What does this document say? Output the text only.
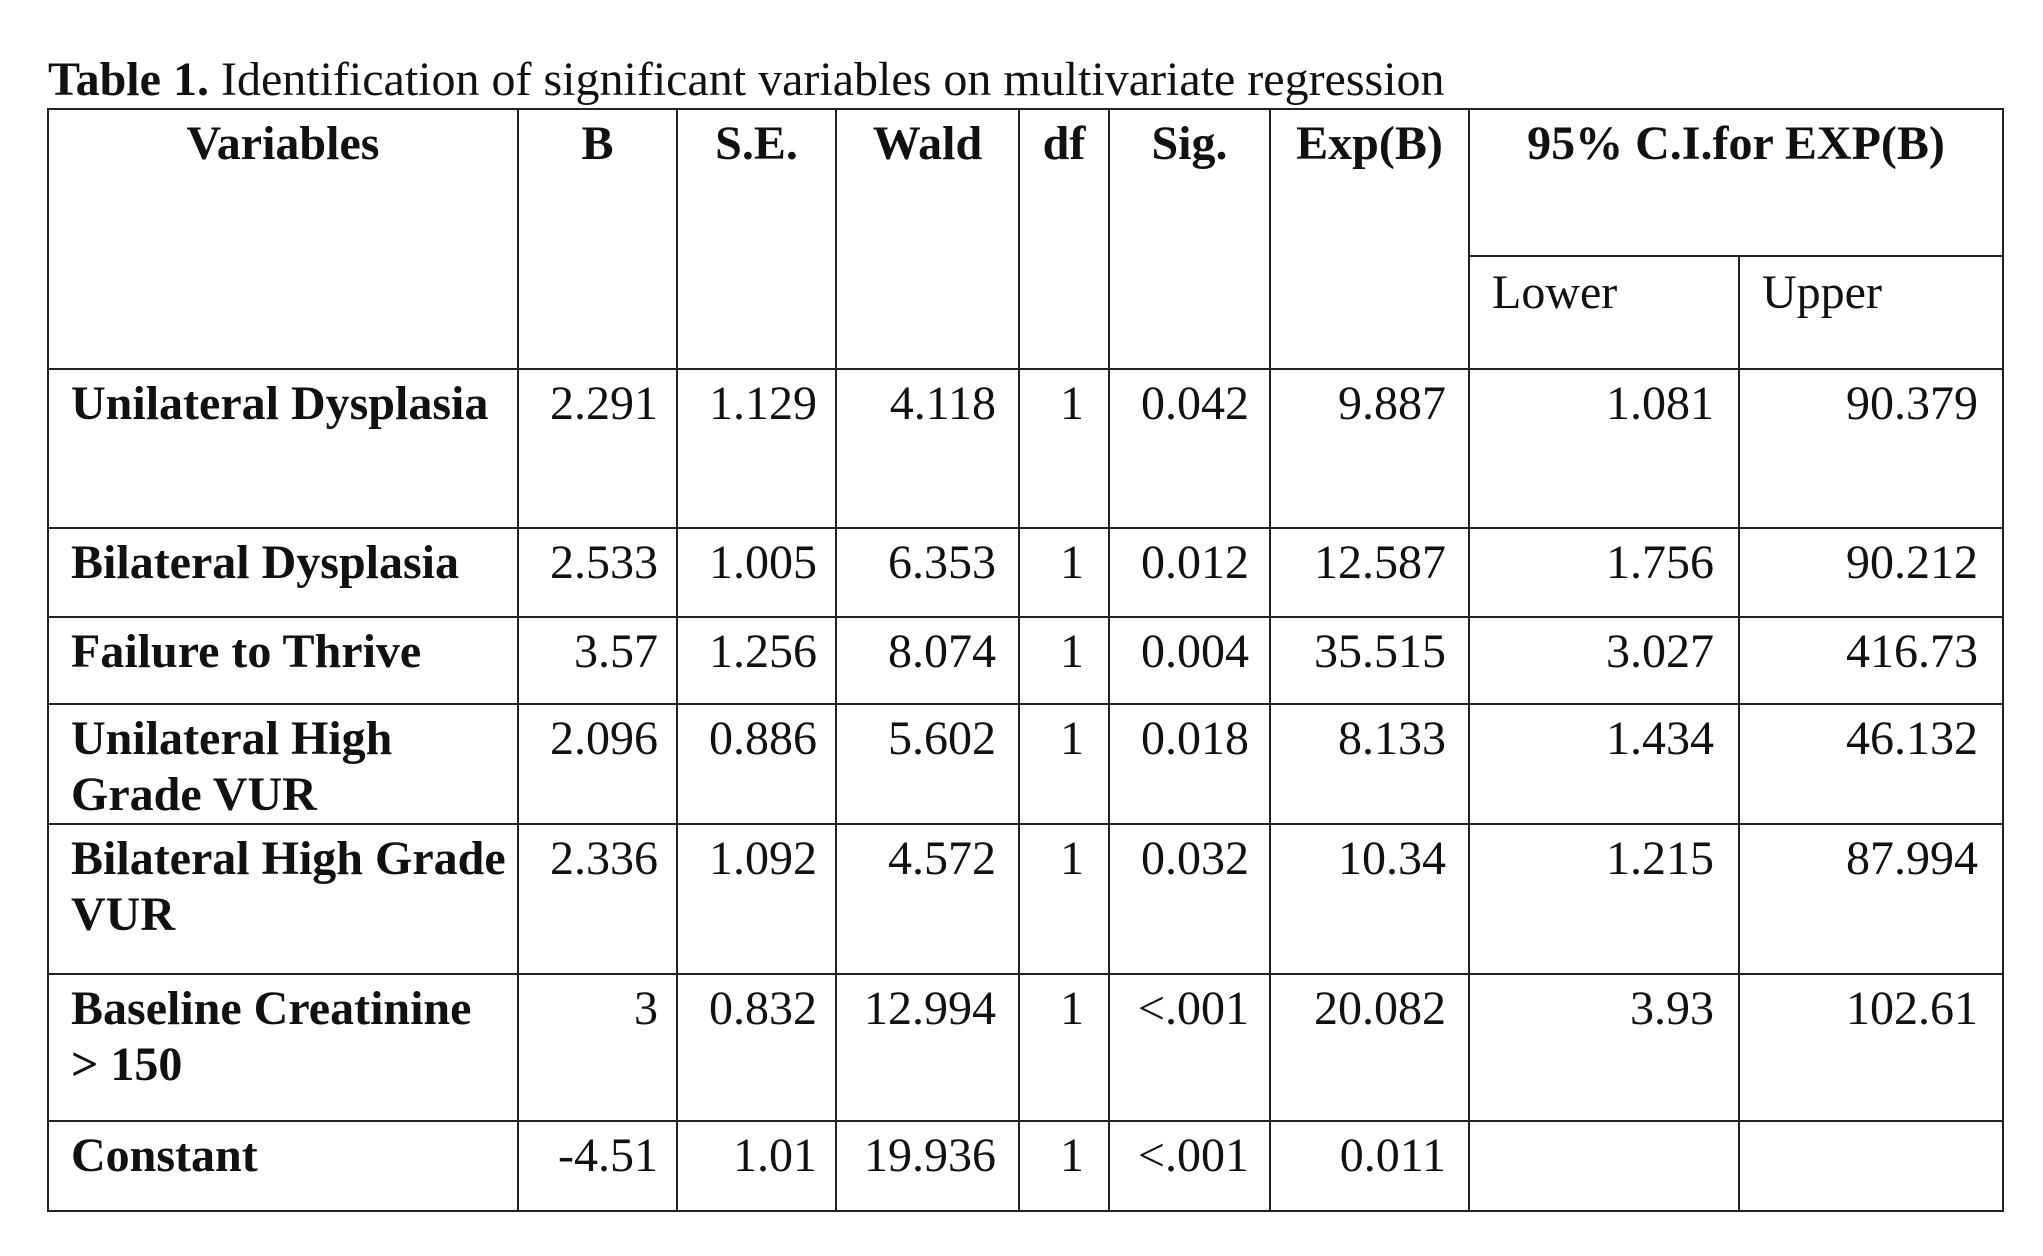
Table 1. Identification of significant variables on multivariate regression
Variables	B	S.E.	Wald	df	Sig.	Exp(B)	95% C.I.for EXP(B)	
							Lower	Upper
Unilateral Dysplasia	2.291	1.129	4.118	1	0.042	9.887	1.081	90.379
Bilateral Dysplasia	2.533	1.005	6.353	1	0.012	12.587	1.756	90.212
Failure to Thrive	3.57	1.256	8.074	1	0.004	35.515	3.027	416.73
Unilateral High Grade VUR	2.096	0.886	5.602	1	0.018	8.133	1.434	46.132
Bilateral High Grade VUR	2.336	1.092	4.572	1	0.032	10.34	1.215	87.994
Baseline Creatinine > 150	3	0.832	12.994	1	<.001	20.082	3.93	102.61
Constant	-4.51	1.01	19.936	1	<.001	0.011		
